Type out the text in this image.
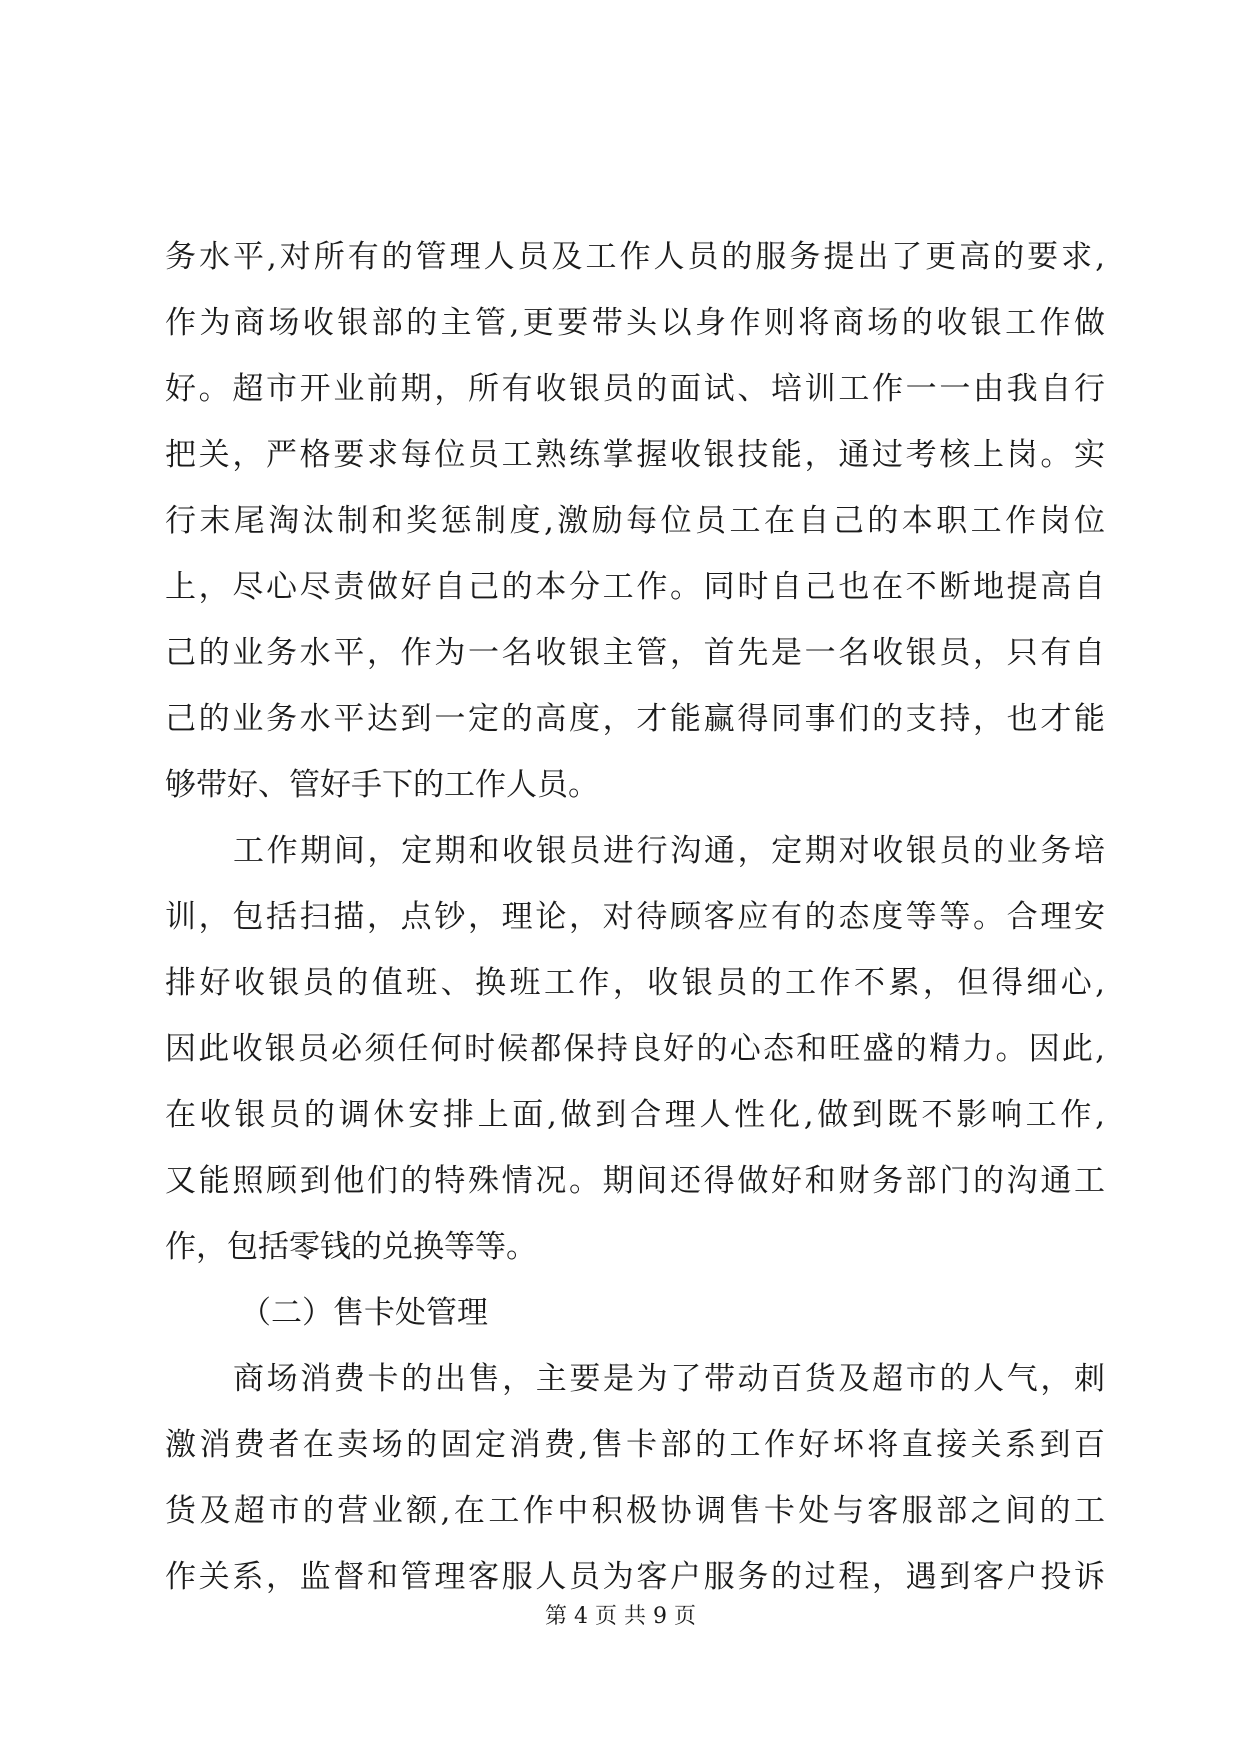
务水平,对所有的管理人员及工作人员的服务提出了更高的要求,
作为商场收银部的主管,更要带头以身作则将商场的收银工作做
好。超市开业前期，所有收银员的面试、培训工作一一由我自行
把关，严格要求每位员工熟练掌握收银技能，通过考核上岗。实
行末尾淘汰制和奖惩制度,激励每位员工在自己的本职工作岗位
上，尽心尽责做好自己的本分工作。同时自己也在不断地提高自
己的业务水平，作为一名收银主管，首先是一名收银员，只有自
己的业务水平达到一定的高度，才能赢得同事们的支持，也才能
够带好、管好手下的工作人员。
工作期间，定期和收银员进行沟通，定期对收银员的业务培
训，包括扫描，点钞，理论，对待顾客应有的态度等等。合理安
排好收银员的值班、换班工作，收银员的工作不累，但得细心,
因此收银员必须任何时候都保持良好的心态和旺盛的精力。因此,
在收银员的调休安排上面,做到合理人性化,做到既不影响工作,
又能照顾到他们的特殊情况。期间还得做好和财务部门的沟通工
作，包括零钱的兑换等等。
（二）售卡处管理
商场消费卡的出售，主要是为了带动百货及超市的人气，刺
激消费者在卖场的固定消费,售卡部的工作好坏将直接关系到百
货及超市的营业额,在工作中积极协调售卡处与客服部之间的工
作关系，监督和管理客服人员为客户服务的过程，遇到客户投诉
第 4 页 共 9 页
